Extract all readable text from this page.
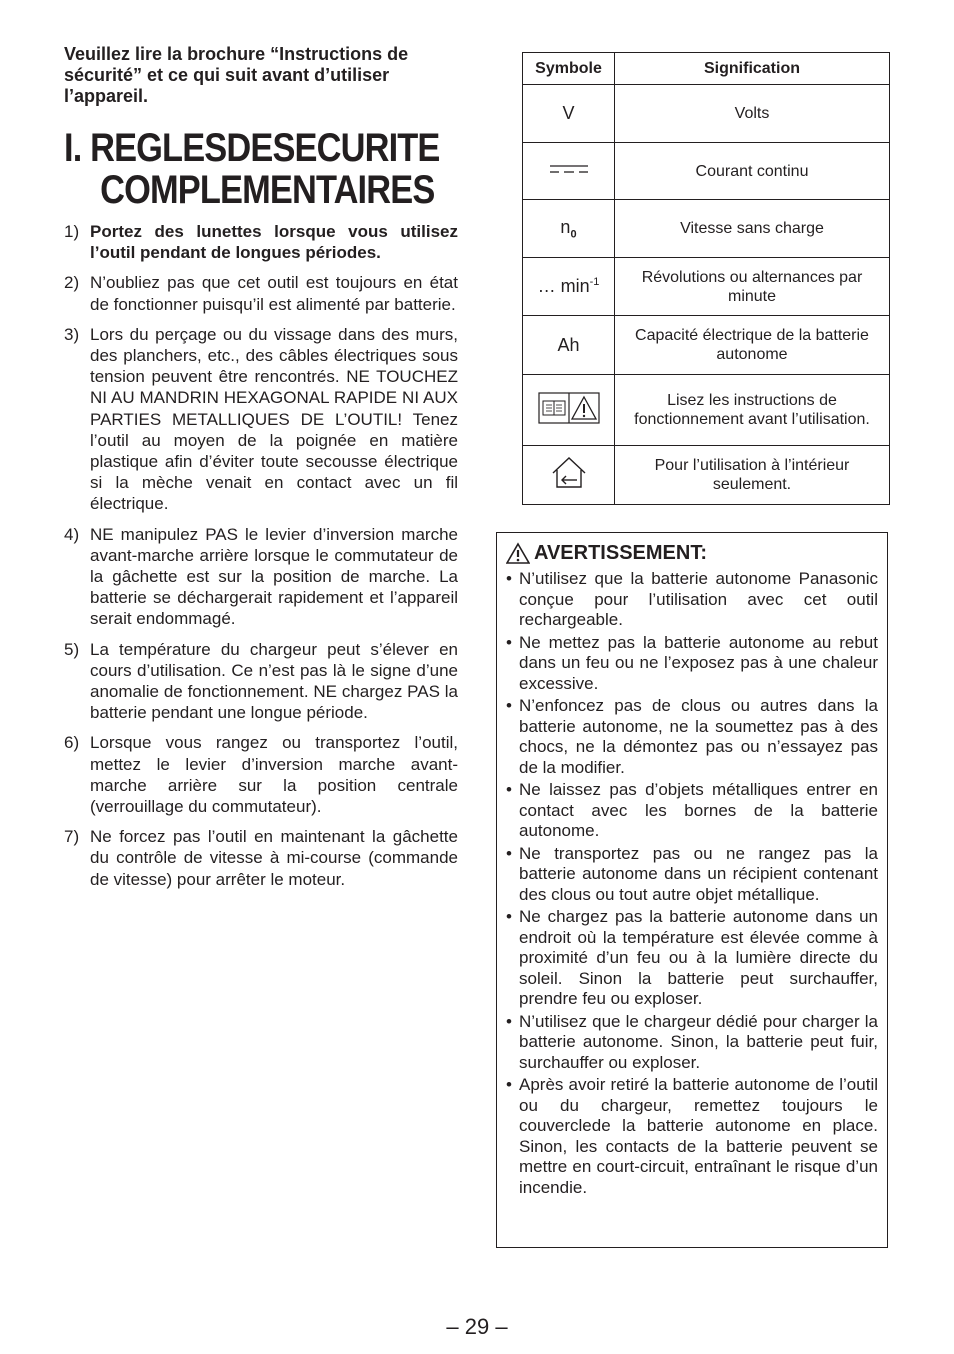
Veuillez lire la brochure “Instructions de sécurité” et ce qui suit avant d’utiliser l’appareil.

I. REGLESDESECURITE
COMPLEMENTAIRES
1) Portez des lunettes lorsque vous utilisez l’outil pendant de longues périodes.
2) N’oubliez pas que cet outil est toujours en état de fonctionner puisqu’il est alimenté par batterie.
3) Lors du perçage ou du vissage dans des murs, des planchers, etc., des câbles électriques sous tension peuvent être rencontrés. NE TOUCHEZ NI AU MANDRIN HEXAGONAL RAPIDE NI AUX PARTIES METALLIQUES DE L’OUTIL! Tenez l’outil au moyen de la poignée en matière plastique afin d’éviter toute secousse électrique si la mèche venait en contact avec un fil électrique.
4) NE manipulez PAS le levier d’inversion marche avant-marche arrière lorsque le commutateur de la gâchette est sur la position de marche. La batterie se déchargerait rapidement et l’appareil serait endommagé.
5) La température du chargeur peut s’élever en cours d’utilisation. Ce n’est pas là le signe d’une anomalie de fonctionnement. NE chargez PAS la batterie pendant une longue période.
6) Lorsque vous rangez ou transportez l’outil, mettez le levier d’inversion marche avant-marche arrière sur la position centrale (verrouillage du commutateur).
7) Ne forcez pas l’outil en maintenant la gâchette du contrôle de vitesse à mi-course (commande de vitesse) pour arrêter le moteur.
Symbole	Signification
V	Volts
	Courant continu
$n_0$	Vitesse sans charge
… $\min^{-1}$	Révolutions ou alternances par minute
Ah	Capacité électrique de la batterie autonome
	Lisez les instructions de fonctionnement avant l’utilisation.
	Pour l’utilisation à l’intérieur seulement.
AVERTISSEMENT:
• N’utilisez que la batterie autonome Panasonic conçue pour l’utilisation avec cet outil rechargeable.
• Ne mettez pas la batterie autonome au rebut dans un feu ou ne l’exposez pas à une chaleur excessive.
• N’enfoncez pas de clous ou autres dans la batterie autonome, ne la soumettez pas à des chocs, ne la démontez pas ou n’essayez pas de la modifier.
• Ne laissez pas d’objets métalliques entrer en contact avec les bornes de la batterie autonome.
• Ne transportez pas ou ne rangez pas la batterie autonome dans un récipient contenant des clous ou tout autre objet métallique.
• Ne chargez pas la batterie autonome dans un endroit où la température est élevée comme à proximité d’un feu ou à la lumière directe du soleil. Sinon la batterie peut surchauffer, prendre feu ou exploser.
• N’utilisez que le chargeur dédié pour charger la batterie autonome. Sinon, la batterie peut fuir, surchauffer ou exploser.
• Après avoir retiré la batterie autonome de l’outil ou du chargeur, remettez toujours le couverclede la batterie autonome en place. Sinon, les contacts de la batterie peuvent se mettre en court-circuit, entraînant le risque d’un incendie.
– 29 –
